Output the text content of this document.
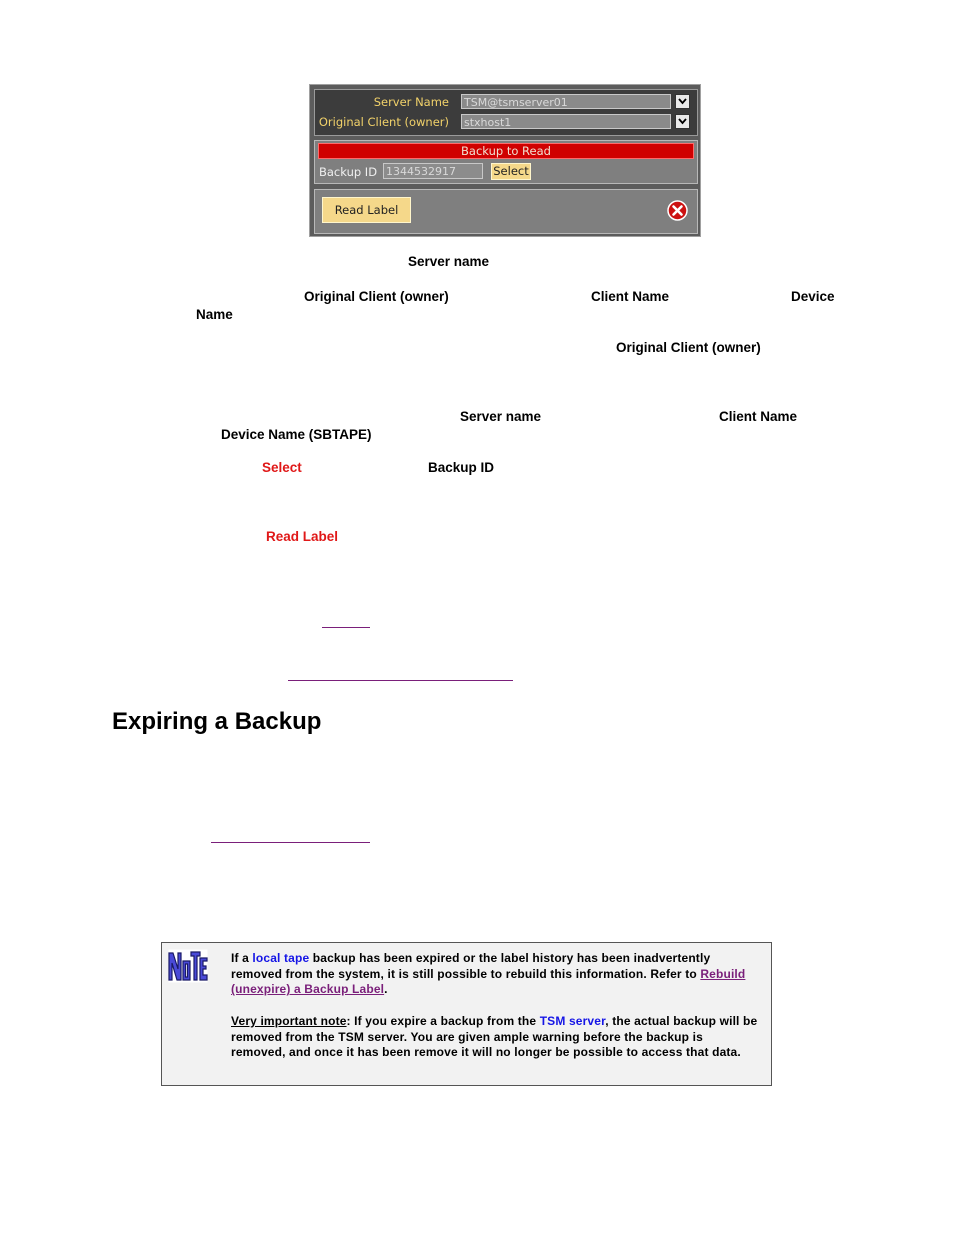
Server Name TSM@tsmserver01
Original Client (owner) stxhost1
Backup to Read
Backup ID 1344532917	Select
Read Label
Server name
Original Client (owner)	Client Name	Device
Name
Original Client (owner)
Server name	Client Name
Device Name (SBTAPE)
Select	Backup ID
Read Label
Expiring a Backup

If a local tape backup has been expired or the label history has been inadvertently removed from the system, it is still possible to rebuild this information. Refer to Rebuild (unexpire) a Backup Label.

Very important note: If you expire a backup from the TSM server, the actual backup will be removed from the TSM server. You are given ample warning before the backup is removed, and once it has been remove it will no longer be possible to access that data.
